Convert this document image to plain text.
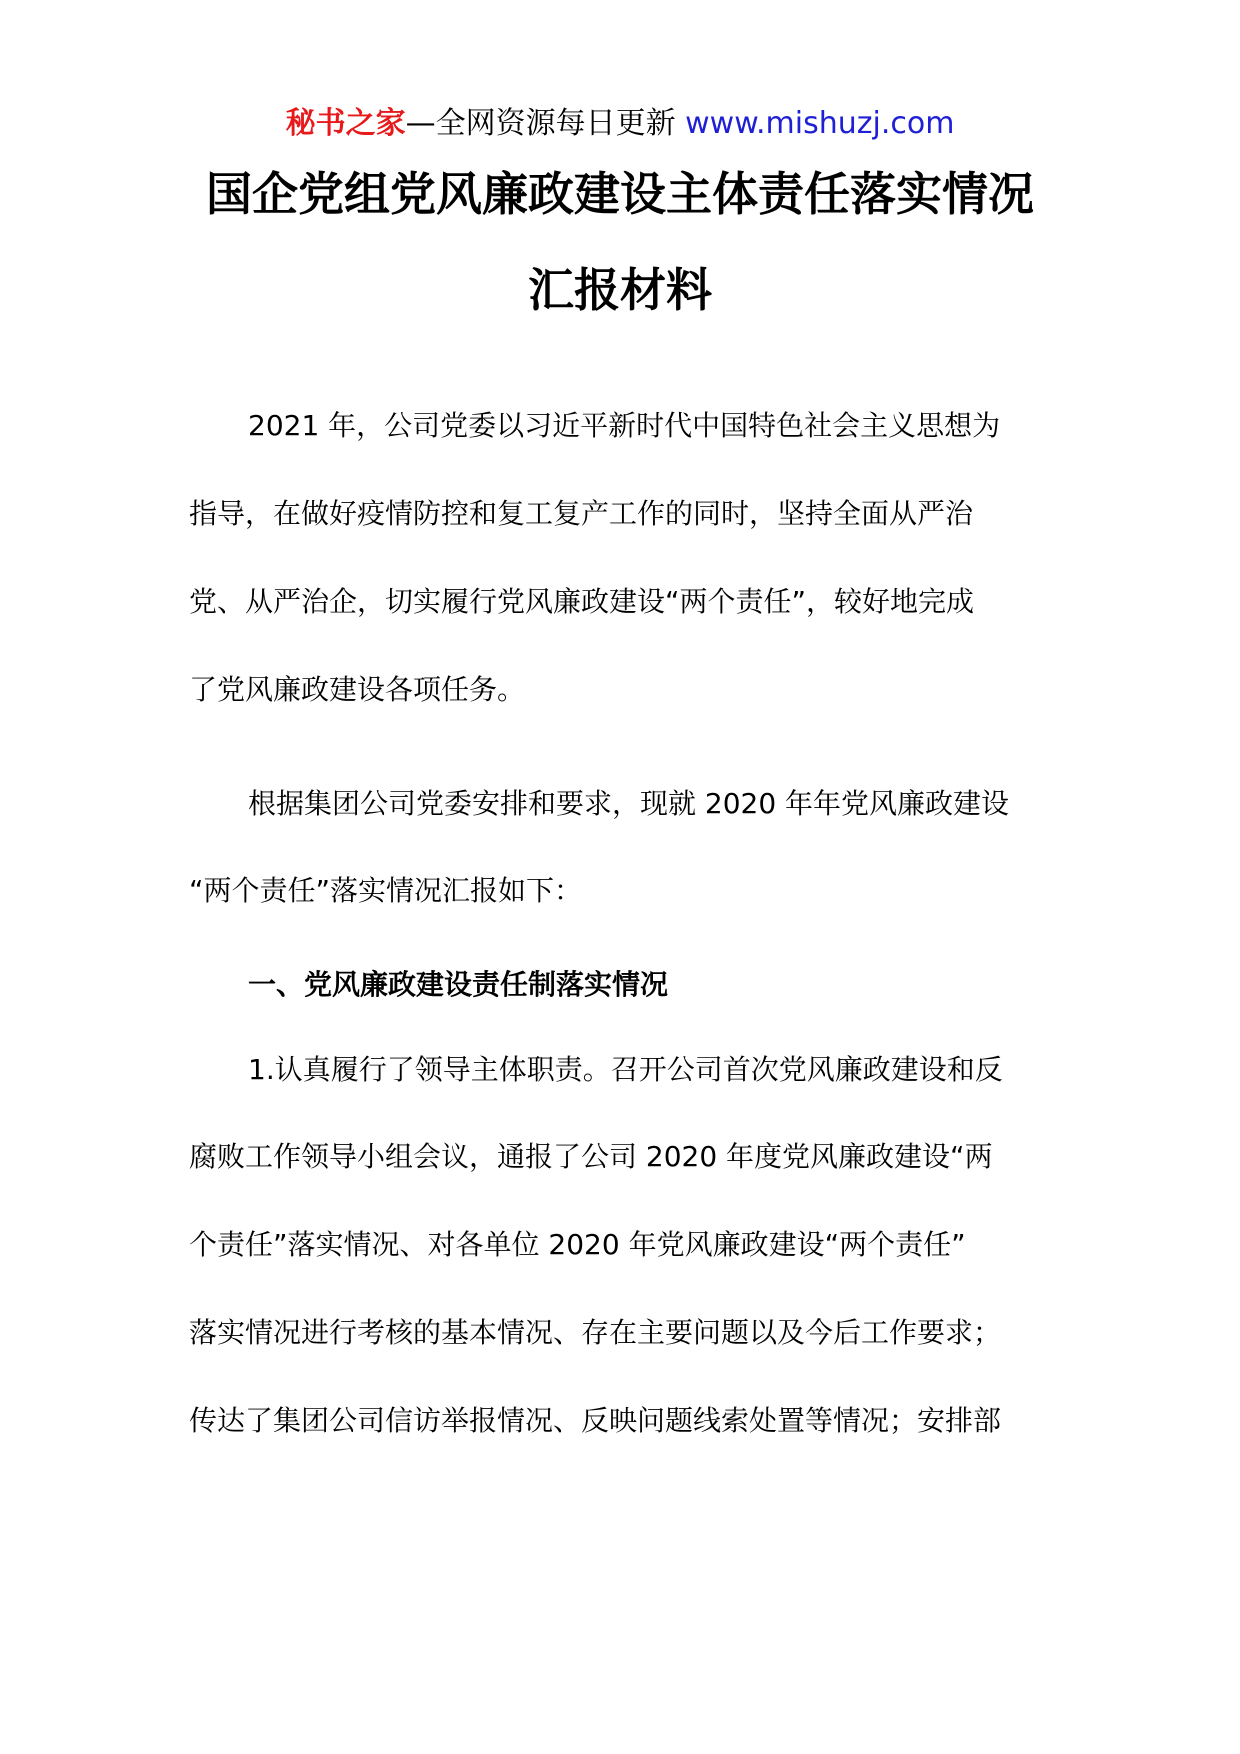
秘书之家—全网资源每日更新 www.mishuzj.com
国企党组党风廉政建设主体责任落实情况
汇报材料
2021 年，公司党委以习近平新时代中国特色社会主义思想为
指导，在做好疫情防控和复工复产工作的同时，坚持全面从严治
党、从严治企，切实履行党风廉政建设“两个责任”，较好地完成
了党风廉政建设各项任务。
根据集团公司党委安排和要求，现就 2020 年年党风廉政建设
“两个责任”落实情况汇报如下：
一、党风廉政建设责任制落实情况
1.认真履行了领导主体职责。召开公司首次党风廉政建设和反
腐败工作领导小组会议，通报了公司 2020 年度党风廉政建设“两
个责任”落实情况、对各单位 2020 年党风廉政建设“两个责任”
落实情况进行考核的基本情况、存在主要问题以及今后工作要求；
传达了集团公司信访举报情况、反映问题线索处置等情况；安排部
